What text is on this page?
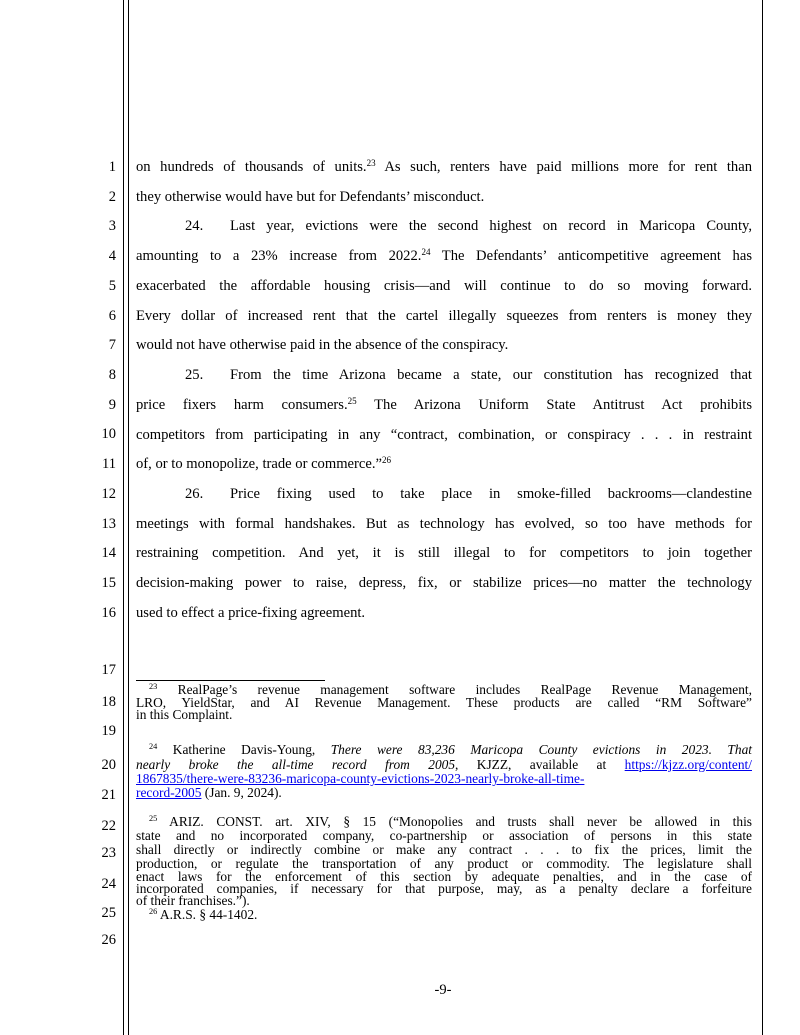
1
2
3
4
5
6
7
8
9
10
11
12
13
14
15
16
17
18
19
20
21
22
23
24
25
26
on hundreds of thousands of units.$^{23}$ As such, renters have paid millions more for rent than
they otherwise would have but for Defendants’ misconduct.
24. Last year, evictions were the second highest on record in Maricopa County,
amounting to a 23% increase from 2022.24 The Defendants’ anticompetitive agreement has
exacerbated the affordable housing crisis—and will continue to do so moving forward.
Every dollar of increased rent that the cartel illegally squeezes from renters is money they
would not have otherwise paid in the absence of the conspiracy.
25. From the time Arizona became a state, our constitution has recognized that
price fixers harm consumers.$^{25}$ The Arizona Uniform State Antitrust Act prohibits
competitors from participating in any “contract, combination, or conspiracy . . . in restraint
of, or to monopolize, trade or commerce.”$^{26}$
26. Price fixing used to take place in smoke-filled backrooms—clandestine
meetings with formal handshakes. But as technology has evolved, so too have methods for
restraining competition. And yet, it is still illegal to for competitors to join together
decision-making power to raise, depress, fix, or stabilize prices—no matter the technology
used to effect a price-fixing agreement.
$^{23}$ RealPage’s revenue management software includes RealPage Revenue Management,
LRO, YieldStar, and AI Revenue Management. These products are called “RM Software”
in this Complaint.
$^{24}$ Katherine Davis-Young, There were 83,236 Maricopa County evictions in 2023. That
nearly broke the all-time record from 2005, KJZZ, available at https://kjzz.org/content/
1867835/there-were-83236-maricopa-county-evictions-2023-nearly-broke-all-time-
record-2005 (Jan. 9, 2024).
$^{25}$ ARIZ. CONST. art. XIV, § 15 (“Monopolies and trusts shall never be allowed in this
state and no incorporated company, co-partnership or association of persons in this state
shall directly or indirectly combine or make any contract . . . to fix the prices, limit the
production, or regulate the transportation of any product or commodity. The legislature shall
enact laws for the enforcement of this section by adequate penalties, and in the case of
incorporated companies, if necessary for that purpose, may, as a penalty declare a forfeiture
of their franchises.”).
$^{26}$ A.R.S. § 44-1402.
-9-
